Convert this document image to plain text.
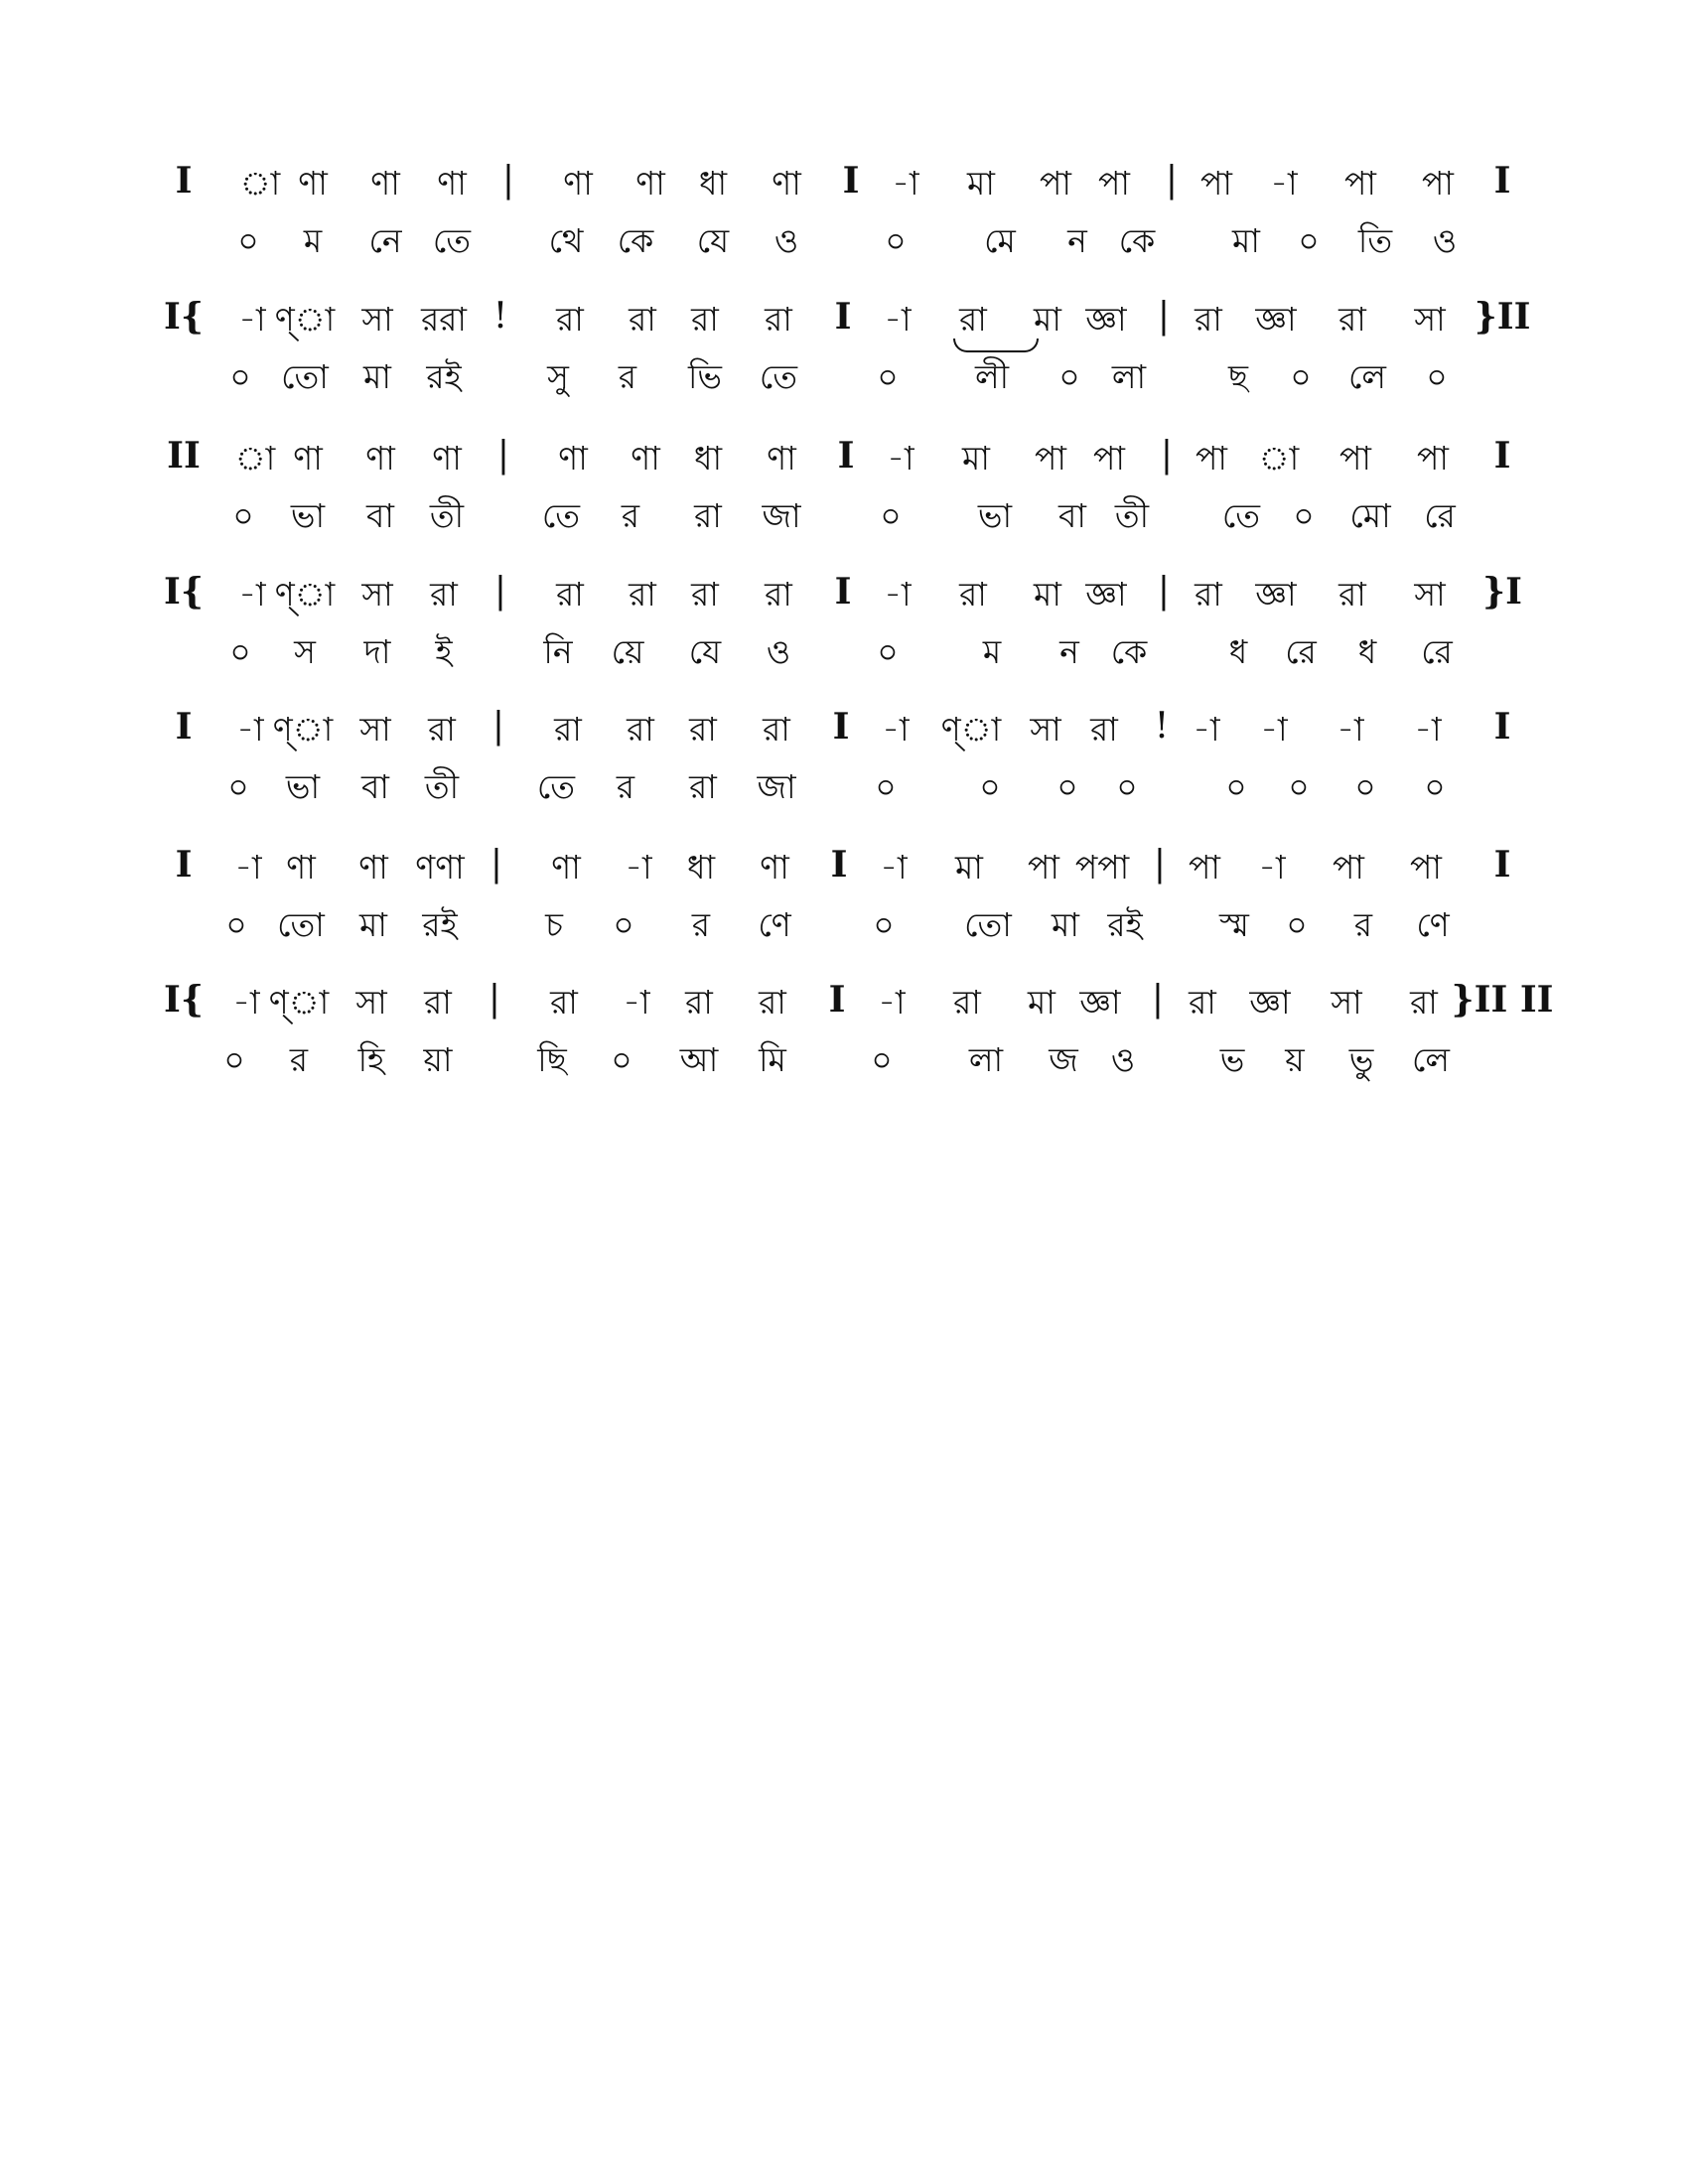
I া ণা ণা ণা | ণা ণা ধা ণা I -া মা পা পা | পা -া পা পা I
০ ম নে তে থে কে যে ও	০ মে ন কে মা ০ তি ও
I{ -া ণ্া সা ররা ! রা রা রা রা I -া রা মা জ্ঞা | রা জ্ঞা রা সা }II
০ তো মা রই	সু র ভি তে ০ লী ০ লা	ছ ০ লে ০
II া ণা ণা ণা | ণা ণা ধা ণা I -া মা পা পা | পা া পা পা I
০ ভা বা তী তে র রা জা ০ ভা বা তী তে ০ মো রে
I{ -া ণ্া সা রা | রা রা রা রা I -া রা মা জ্ঞা | রা জ্ঞা রা সা }I
০ স দা ই	নি য়ে যে ও	০	ম ন কে	ধ রে ধ রে
I -া ণ্া সা রা | রা রা রা রা I -া ণ্া সা রা ! -া -া -া -া I
০ ভা বা তী তে র রা জা ০	০ ০ ০	০ ০ ০ ০
I -া ণা ণা ণণা | ণা -া ধা ণা I -া মা পা পপা | পা -া পা পা I
০ তো মা রই	চ ০ র ণে	০ তো মা রই স্ম ০ র ণে
I{ -া ণ্া সা রা | রা -া রা রা I -া রা মা জ্ঞা | রা জ্ঞা সা রা }II II
০ র হি য়া	ছি ০ আ মি	০ লা জ ও	ভ য় ভু লে
